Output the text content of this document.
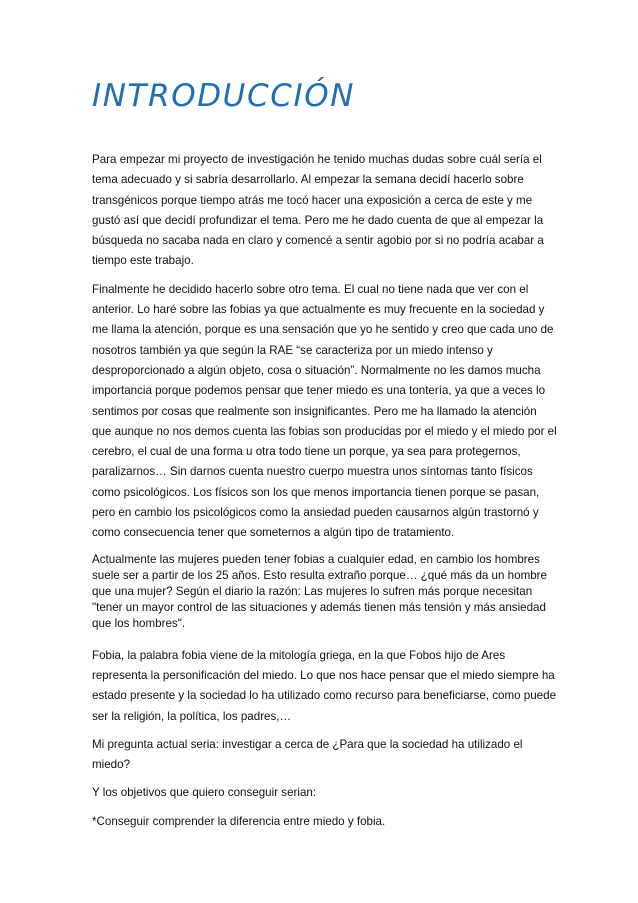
INTRODUCCIÓN

Para empezar mi proyecto de investigación he tenido muchas dudas sobre cuál sería el tema adecuado y si sabría desarrollarlo. Al empezar la semana decidí hacerlo sobre transgénicos porque tiempo atrás me tocó hacer una exposición a cerca de este y me gustó así que decidí profundizar el tema. Pero me he dado cuenta de que al empezar la búsqueda no sacaba nada en claro y comencé a sentir agobio por si no podría acabar a tiempo este trabajo.

Finalmente he decidido hacerlo sobre otro tema. El cual no tiene nada que ver con el anterior. Lo haré sobre las fobias ya que actualmente es muy frecuente en la sociedad y me llama la atención, porque es una sensación que yo he sentido y creo que cada uno de nosotros también ya que según la RAE “se caracteriza por un miedo intenso y desproporcionado a algún objeto, cosa o situación”. Normalmente no les damos mucha importancia porque podemos pensar que tener miedo es una tontería, ya que a veces lo sentimos por cosas que realmente son insignificantes. Pero me ha llamado la atención que aunque no nos demos cuenta las fobias son producidas por el miedo y el miedo por el cerebro, el cual de una forma u otra todo tiene un porque, ya sea para protegernos, paralizarnos… Sin darnos cuenta nuestro cuerpo muestra unos síntomas tanto físicos como psicológicos. Los físicos son los que menos importancia tienen porque se pasan, pero en cambio los psicológicos como la ansiedad pueden causarnos algún trastornó y como consecuencia tener que someternos a algún tipo de tratamiento.

Actualmente las mujeres pueden tener fobias a cualquier edad, en cambio los hombres suele ser a partir de los 25 años. Esto resulta extraño porque… ¿qué más da un hombre que una mujer? Según el diario la razón: Las mujeres lo sufren más porque necesitan "tener un mayor control de las situaciones y además tienen más tensión y más ansiedad que los hombres".

Fobia, la palabra fobia viene de la mitología griega, en la que Fobos hijo de Ares representa la personificación del miedo. Lo que nos hace pensar que el miedo siempre ha estado presente y la sociedad lo ha utilizado como recurso para beneficiarse, como puede ser la religión, la política, los padres,…

Mi pregunta actual seria: investigar a cerca de ¿Para que la sociedad ha utilizado el miedo?

Y los objetivos que quiero conseguir serian:

*Conseguir comprender la diferencia entre miedo y fobia.
